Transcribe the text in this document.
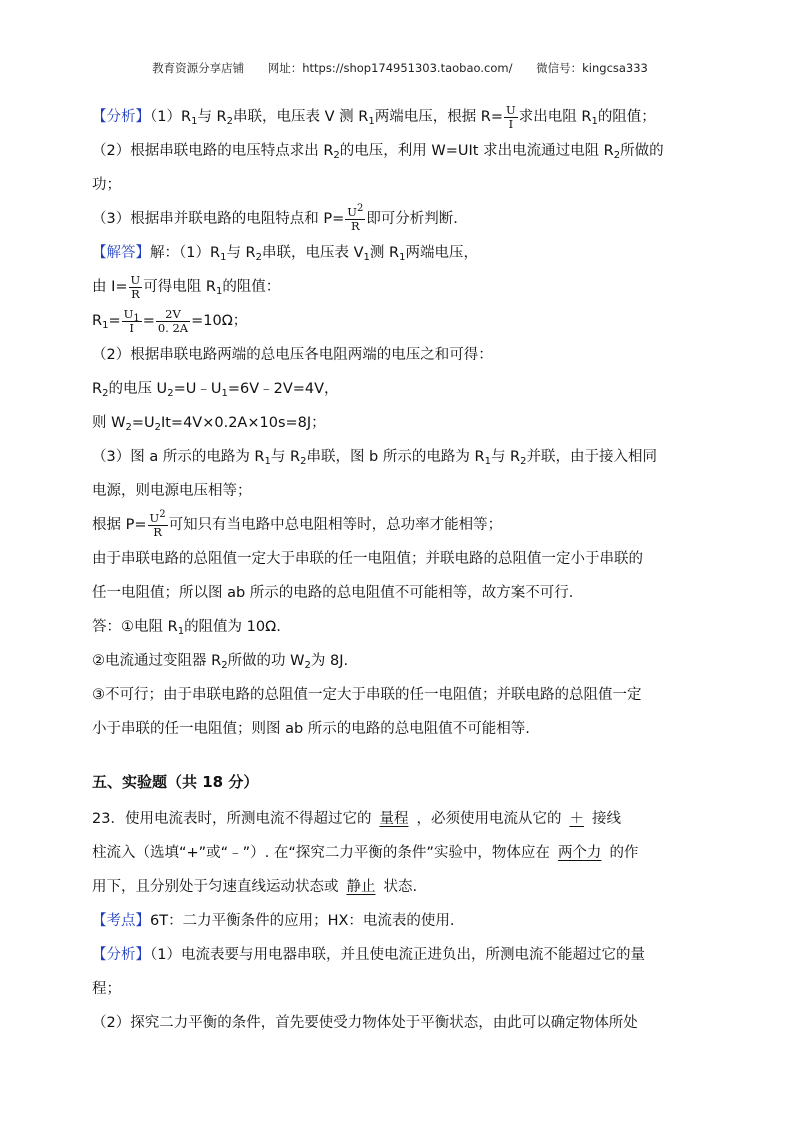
教育资源分享店铺 网址：https://shop174951303.taobao.com/ 微信号：kingcsa333
【分析】$(1)R_1$与 $R_2$串联，电压表 V 测 $R_1$两端电压，根据 $R= \frac{U}{I}$ 求出电阻 $R_1$的阻值；
（2）根据串联电路的电压特点求出 $R_2$的电压，利用 W=UIt 求出电流通过电阻 $R_2$所做的
功；
（3）根据串并联电路的电阻特点和 $P= \frac{U^2}{R}$ 即可分析判断.
【解答】解：$(1)R_1$与 $R_2$串联，电压表 $V_1$测 $R_1$两端电压，
由 $I= \frac{U}{R}$ 可得电阻 $R_1$的阻值：
$R_1= \frac{U_1}{I} = \frac{2V}{0. 2A} =10\Omega$；
（2）根据串联电路两端的总电压各电阻两端的电压之和可得：
$R_2$的电压 $U_2=U﹣U_1=6V﹣2V=4V$，
则 $W_2=U_2It=4V\times 0.2A\times 10s=8J$；
（3）图 a 所示的电路为 $R_1$与 $R_2$串联，图 b 所示的电路为 $R_1$与 $R_2$并联，由于接入相同
电源，则电源电压相等；
根据 $P= \frac{U^2}{R}$ 可知只有当电路中总电阻相等时，总功率才能相等；
由于串联电路的总阻值一定大于串联的任一电阻值；并联电路的总阻值一定小于串联的
任一电阻值；所以图 ab 所示的电路的总电阻值不可能相等，故方案不可行.
答：①电阻 $R_1$的阻值为 10Ω.
②电流通过变阻器 $R_2$所做的功 $W_2$为 8J.
③不可行；由于串联电路的总阻值一定大于串联的任一电阻值；并联电路的总阻值一定
小于串联的任一电阻值；则图 ab 所示的电路的总电阻值不可能相等.
五、实验题（共 18 分）
23．使用电流表时，所测电流不得超过它的 量程 ，必须使用电流从它的 ＋ 接线
柱流入（选填“+”或“﹣”）. 在“探究二力平衡的条件”实验中，物体应在 两个力 的作
用下，且分别处于匀速直线运动状态或 静止 状态.
【考点】6T：二力平衡条件的应用；HX：电流表的使用.
【分析】（1）电流表要与用电器串联，并且使电流正进负出，所测电流不能超过它的量
程；
（2）探究二力平衡的条件，首先要使受力物体处于平衡状态，由此可以确定物体所处
